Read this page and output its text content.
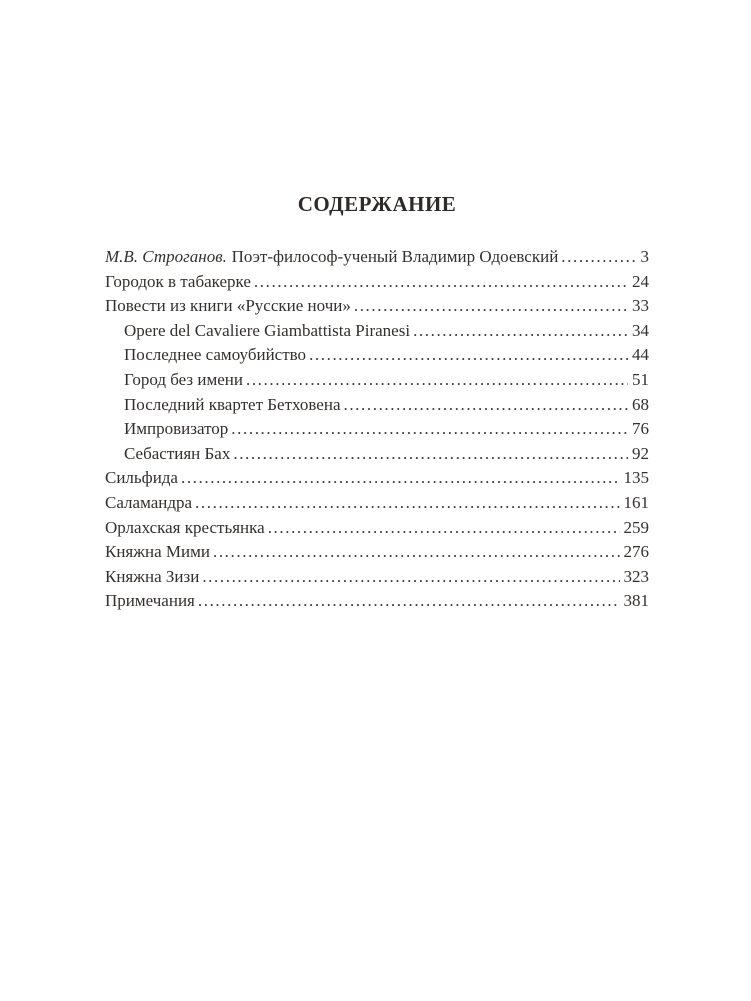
СОДЕРЖАНИЕ
М.В. Строганов. Поэт-философ-ученый Владимир Одоевский .....	3
Городок в табакерке .....	24
Повести из книги «Русские ночи» .....	33
Opere del Cavaliere Giambattista Piranesi .....	34
Последнее самоубийство .....	44
Город без имени .....	51
Последний квартет Бетховена .....	68
Импровизатор .....	76
Себастиян Бах .....	92
Сильфида .....	135
Саламандра .....	161
Орлахская крестьянка .....	259
Княжна Мими .....	276
Княжна Зизи .....	323
Примечания .....	381
